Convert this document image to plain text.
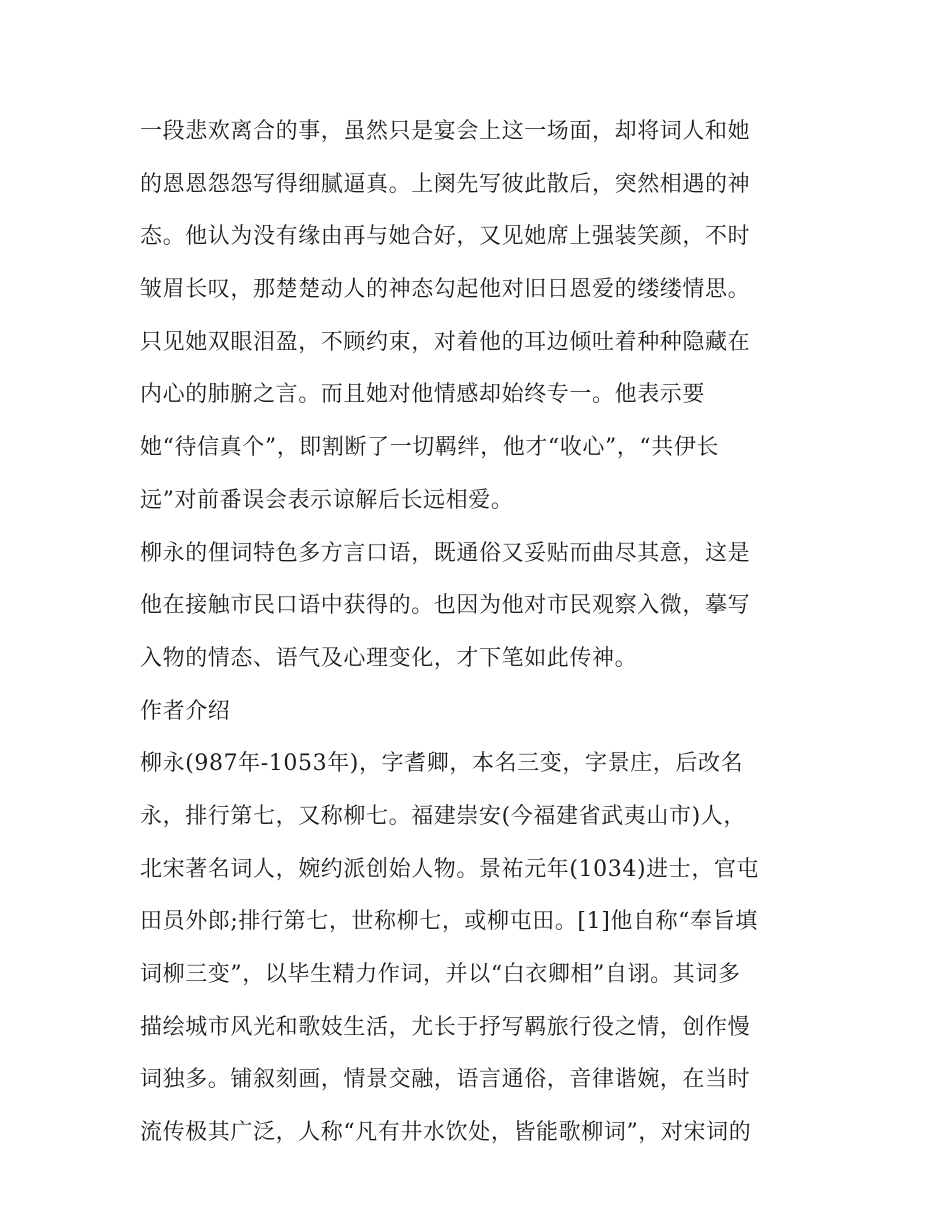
一段悲欢离合的事，虽然只是宴会上这一场面，却将词人和她
的恩恩怨怨写得细腻逼真。上阕先写彼此散后，突然相遇的神
态。他认为没有缘由再与她合好，又见她席上强装笑颜，不时
皱眉长叹，那楚楚动人的神态勾起他对旧日恩爱的缕缕情思。
只见她双眼泪盈，不顾约束，对着他的耳边倾吐着种种隐藏在
内心的肺腑之言。而且她对他情感却始终专一。他表示要
她“待信真个”，即割断了一切羁绊，他才“收心”，“共伊长
远”对前番误会表示谅解后长远相爱。
柳永的俚词特色多方言口语，既通俗又妥贴而曲尽其意，这是
他在接触市民口语中获得的。也因为他对市民观察入微，摹写
入物的情态、语气及心理变化，才下笔如此传神。
作者介绍
柳永(987年-1053年)，字耆卿，本名三变，字景庄，后改名
永，排行第七，又称柳七。福建崇安(今福建省武夷山市)人，
北宋著名词人，婉约派创始人物。景祐元年(1034)进士，官屯
田员外郎;排行第七，世称柳七，或柳屯田。[1]他自称“奉旨填
词柳三变”，以毕生精力作词，并以“白衣卿相”自诩。其词多
描绘城市风光和歌妓生活，尤长于抒写羁旅行役之情，创作慢
词独多。铺叙刻画，情景交融，语言通俗，音律谐婉，在当时
流传极其广泛，人称“凡有井水饮处，皆能歌柳词”，对宋词的
